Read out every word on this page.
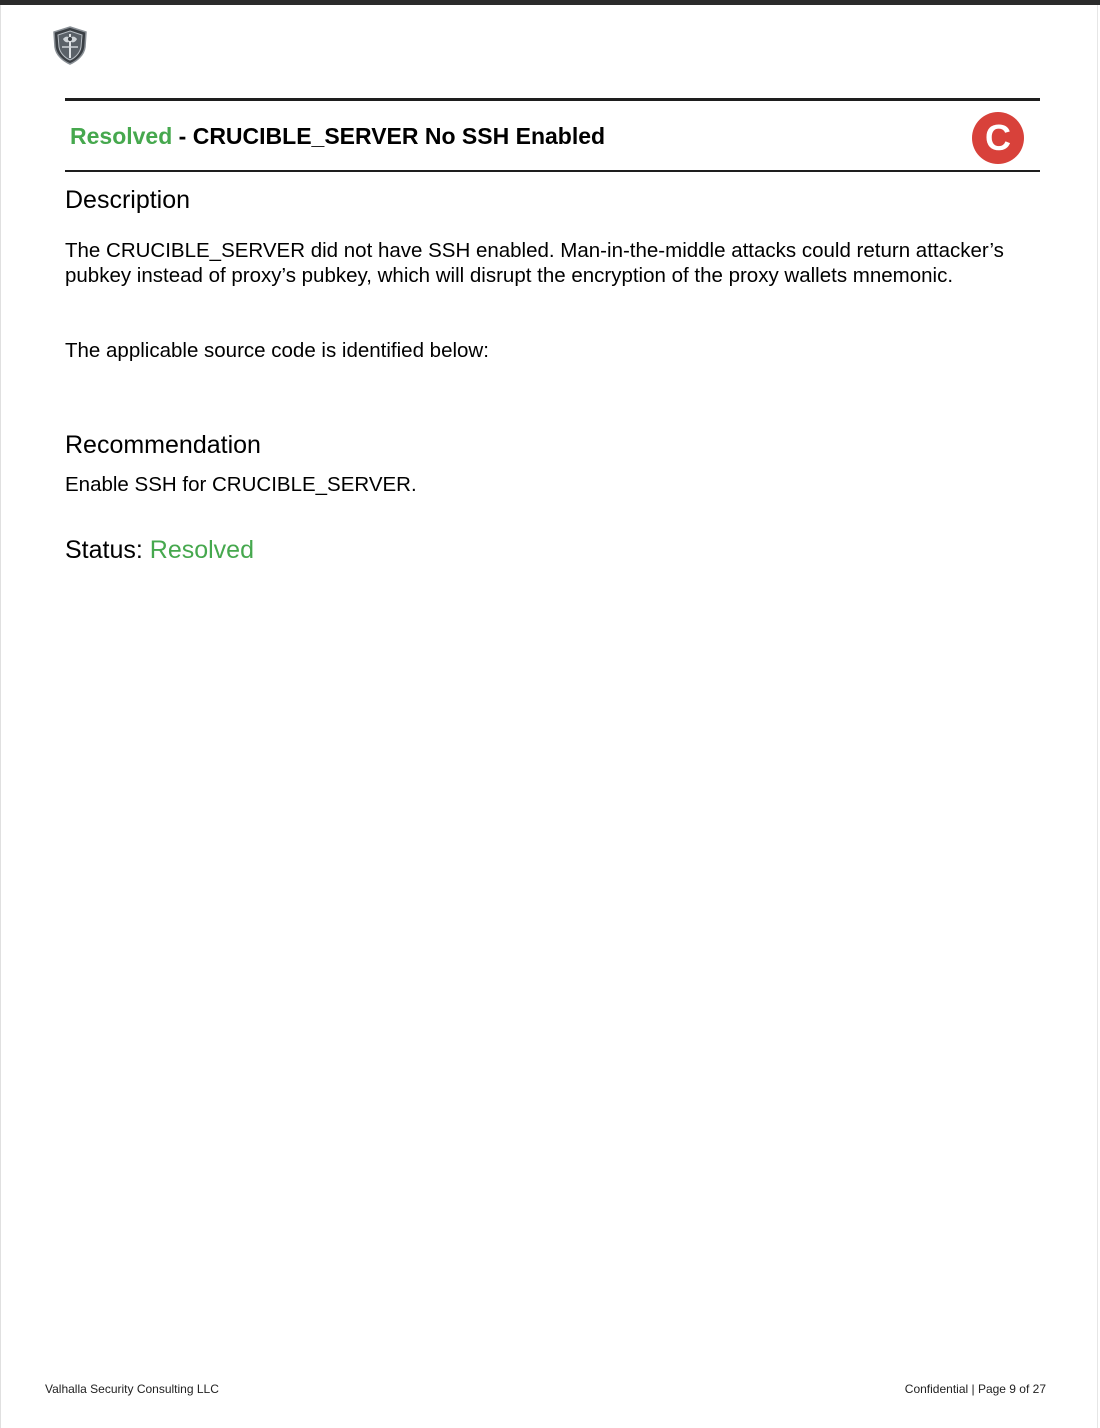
Resolved - CRUCIBLE_SERVER No SSH Enabled	C
Description
The CRUCIBLE_SERVER did not have SSH enabled. Man-in-the-middle attacks could return attacker’s pubkey instead of proxy’s pubkey, which will disrupt the encryption of the proxy wallets mnemonic.
The applicable source code is identified below:
Recommendation
Enable SSH for CRUCIBLE_SERVER.
Status: Resolved
Valhalla Security Consulting LLC	Confidential | Page 9 of 27
